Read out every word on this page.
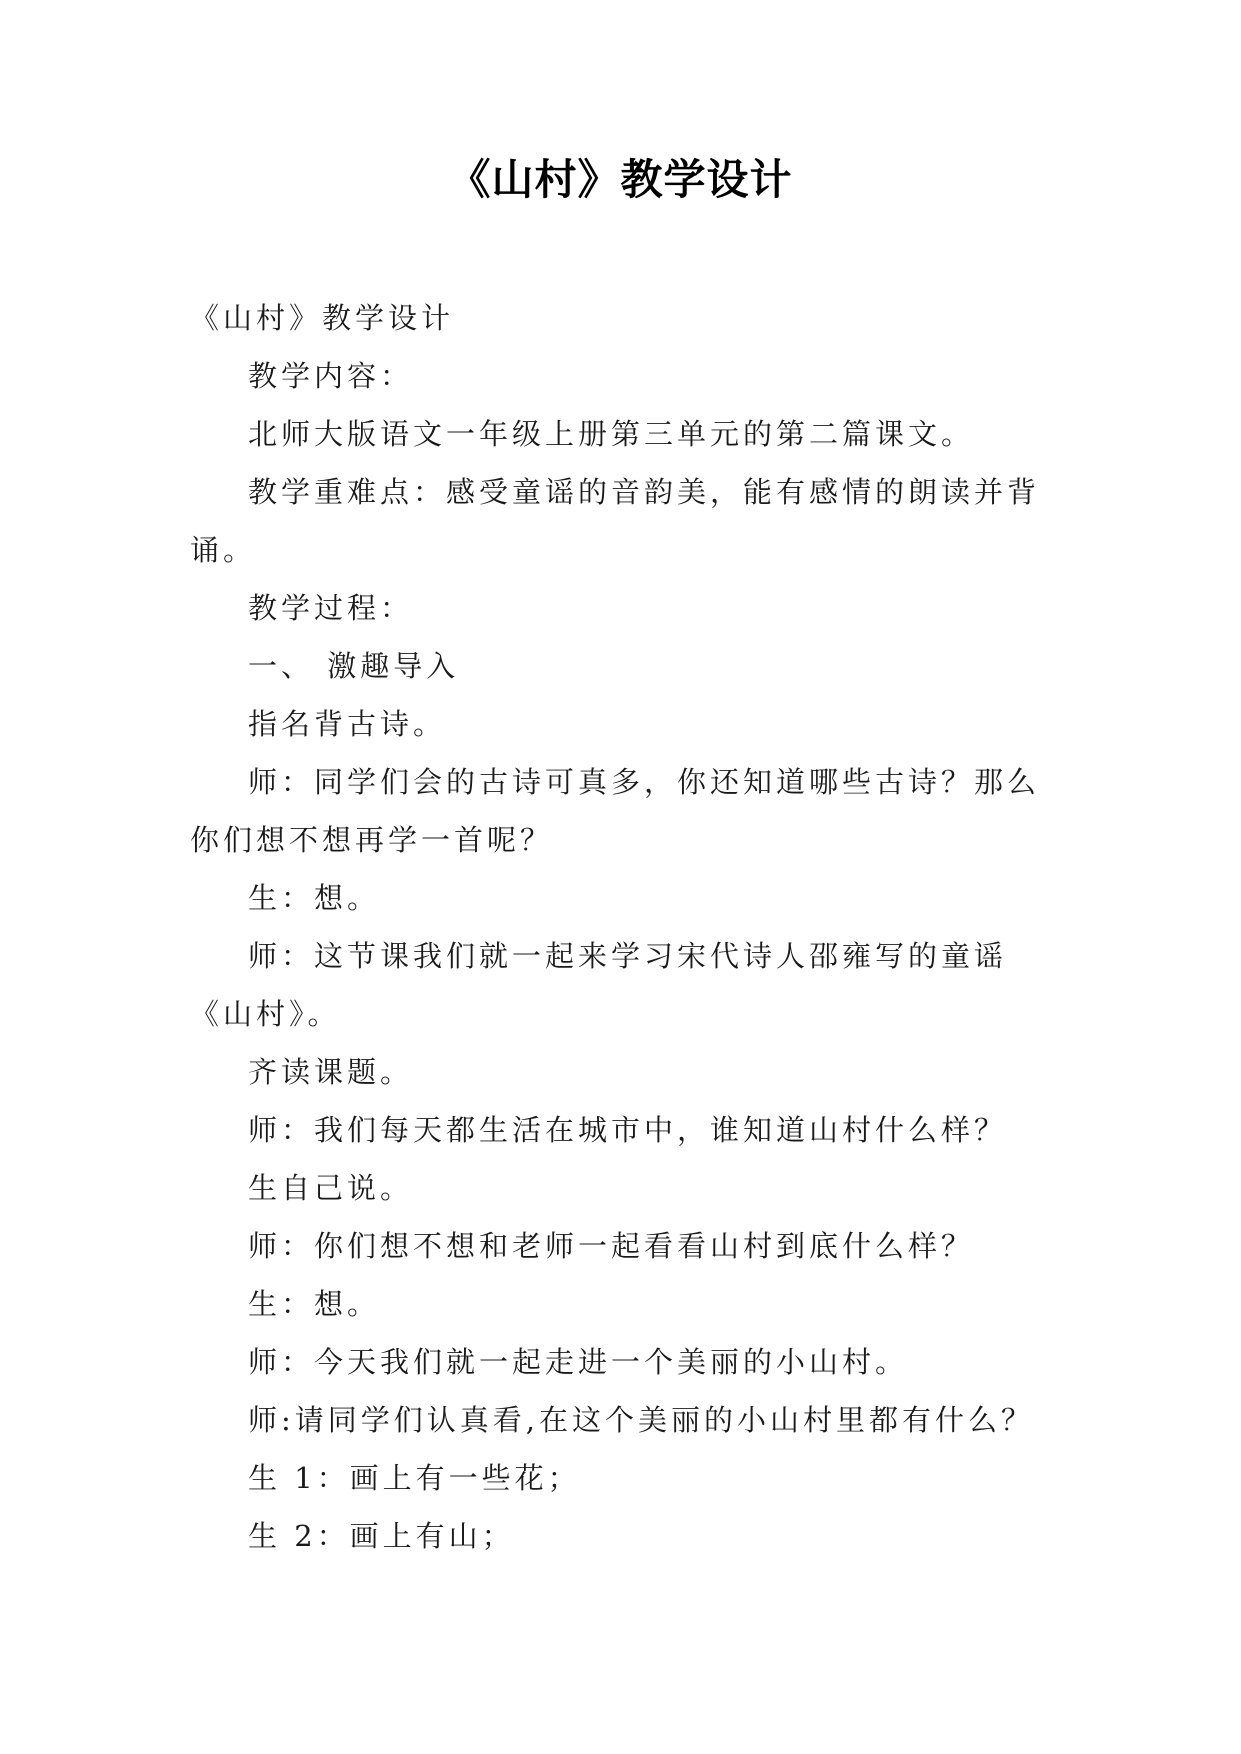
《山村》教学设计

《山村》教学设计

教学内容：

北师大版语文一年级上册第三单元的第二篇课文。

教学重难点：感受童谣的音韵美，能有感情的朗读并背诵。

教学过程：

一、 激趣导入

指名背古诗。

师：同学们会的古诗可真多，你还知道哪些古诗？那么你们想不想再学一首呢？

生：想。

师：这节课我们就一起来学习宋代诗人邵雍写的童谣《山村》。

齐读课题。

师：我们每天都生活在城市中，谁知道山村什么样？

生自己说。

师：你们想不想和老师一起看看山村到底什么样？

生：想。

师：今天我们就一起走进一个美丽的小山村。

师:请同学们认真看,在这个美丽的小山村里都有什么？

生 1：画上有一些花；

生 2：画上有山；
